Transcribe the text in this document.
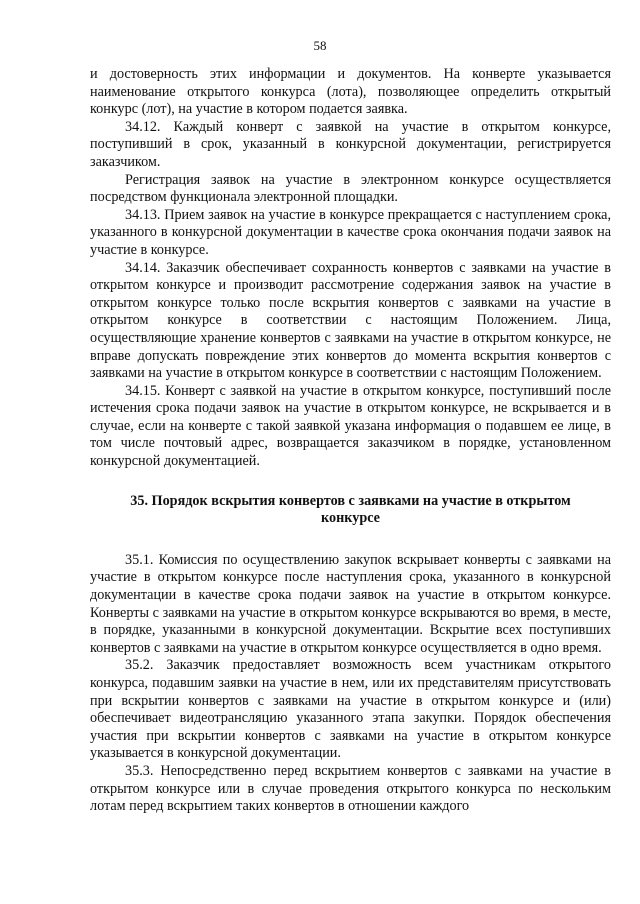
58

и достоверность этих информации и документов. На конверте указывается наименование открытого конкурса (лота), позволяющее определить открытый конкурс (лот), на участие в котором подается заявка.

34.12. Каждый конверт с заявкой на участие в открытом конкурсе, поступивший в срок, указанный в конкурсной документации, регистрируется заказчиком.

Регистрация заявок на участие в электронном конкурсе осуществляется посредством функционала электронной площадки.

34.13. Прием заявок на участие в конкурсе прекращается с наступлением срока, указанного в конкурсной документации в качестве срока окончания подачи заявок на участие в конкурсе.

34.14. Заказчик обеспечивает сохранность конвертов с заявками на участие в открытом конкурсе и производит рассмотрение содержания заявок на участие в открытом конкурсе только после вскрытия конвертов с заявками на участие в открытом конкурсе в соответствии с настоящим Положением. Лица, осуществляющие хранение конвертов с заявками на участие в открытом конкурсе, не вправе допускать повреждение этих конвертов до момента вскрытия конвертов с заявками на участие в открытом конкурсе в соответствии с настоящим Положением.

34.15. Конверт с заявкой на участие в открытом конкурсе, поступивший после истечения срока подачи заявок на участие в открытом конкурсе, не вскрывается и в случае, если на конверте с такой заявкой указана информация о подавшем ее лице, в том числе почтовый адрес, возвращается заказчиком в порядке, установленном конкурсной документацией.

35. Порядок вскрытия конвертов с заявками на участие в открытом конкурсе

35.1. Комиссия по осуществлению закупок вскрывает конверты с заявками на участие в открытом конкурсе после наступления срока, указанного в конкурсной документации в качестве срока подачи заявок на участие в открытом конкурсе. Конверты с заявками на участие в открытом конкурсе вскрываются во время, в месте, в порядке, указанными в конкурсной документации. Вскрытие всех поступивших конвертов с заявками на участие в открытом конкурсе осуществляется в одно время.

35.2. Заказчик предоставляет возможность всем участникам открытого конкурса, подавшим заявки на участие в нем, или их представителям присутствовать при вскрытии конвертов с заявками на участие в открытом конкурсе и (или) обеспечивает видеотрансляцию указанного этапа закупки. Порядок обеспечения участия при вскрытии конвертов с заявками на участие в открытом конкурсе указывается в конкурсной документации.

35.3. Непосредственно перед вскрытием конвертов с заявками на участие в открытом конкурсе или в случае проведения открытого конкурса по нескольким лотам перед вскрытием таких конвертов в отношении каждого
